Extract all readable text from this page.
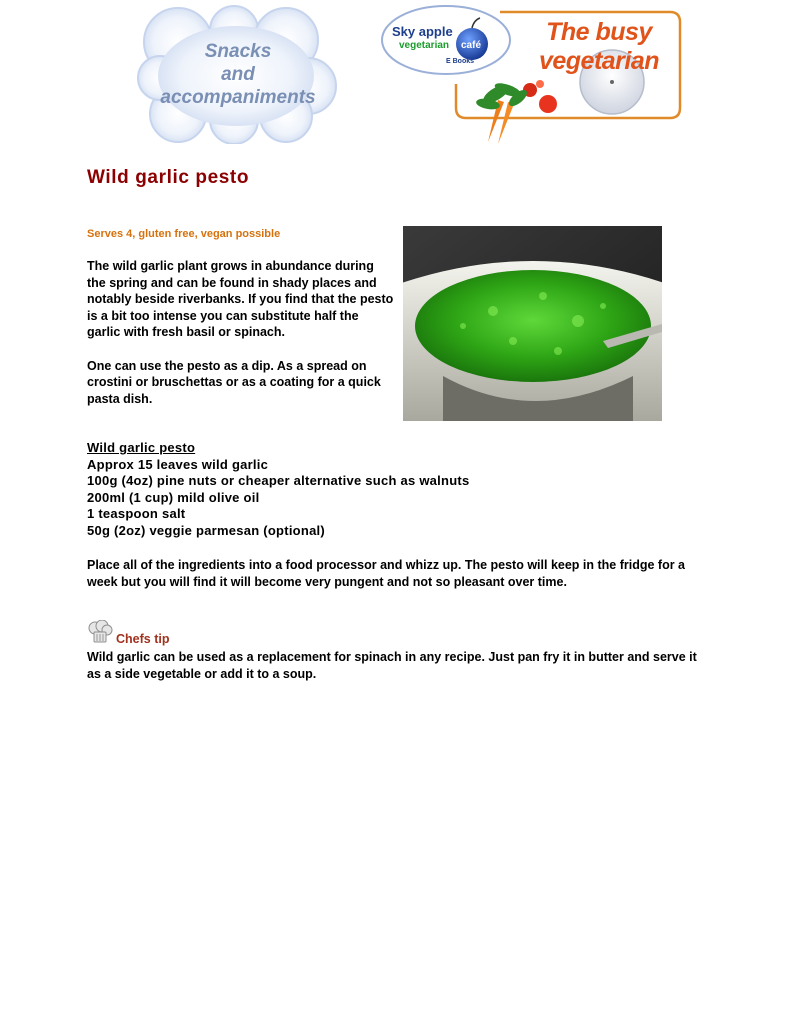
Snacks
and
accompaniments
Sky apple
vegetarian café
E Books
The busy
vegetarian
Wild garlic pesto

Serves 4, gluten free, vegan possible

The wild garlic plant grows in abundance during the spring and can be found in shady places and notably beside riverbanks. If you find that the pesto is a bit too intense you can substitute half the garlic with fresh basil or spinach.

One can use the pesto as a dip. As a spread on crostini or bruschettas or as a coating for a quick pasta dish.

Wild garlic pesto
Approx 15 leaves wild garlic
100g (4oz) pine nuts or cheaper alternative such as walnuts
200ml (1 cup) mild olive oil
1 teaspoon salt
50g (2oz) veggie parmesan (optional)

Place all of the ingredients into a food processor and whizz up. The pesto will keep in the fridge for a week but you will find it will become very pungent and not so pleasant over time.

Chefs tip

Wild garlic can be used as a replacement for spinach in any recipe. Just pan fry it in butter and serve it as a side vegetable or add it to a soup.
